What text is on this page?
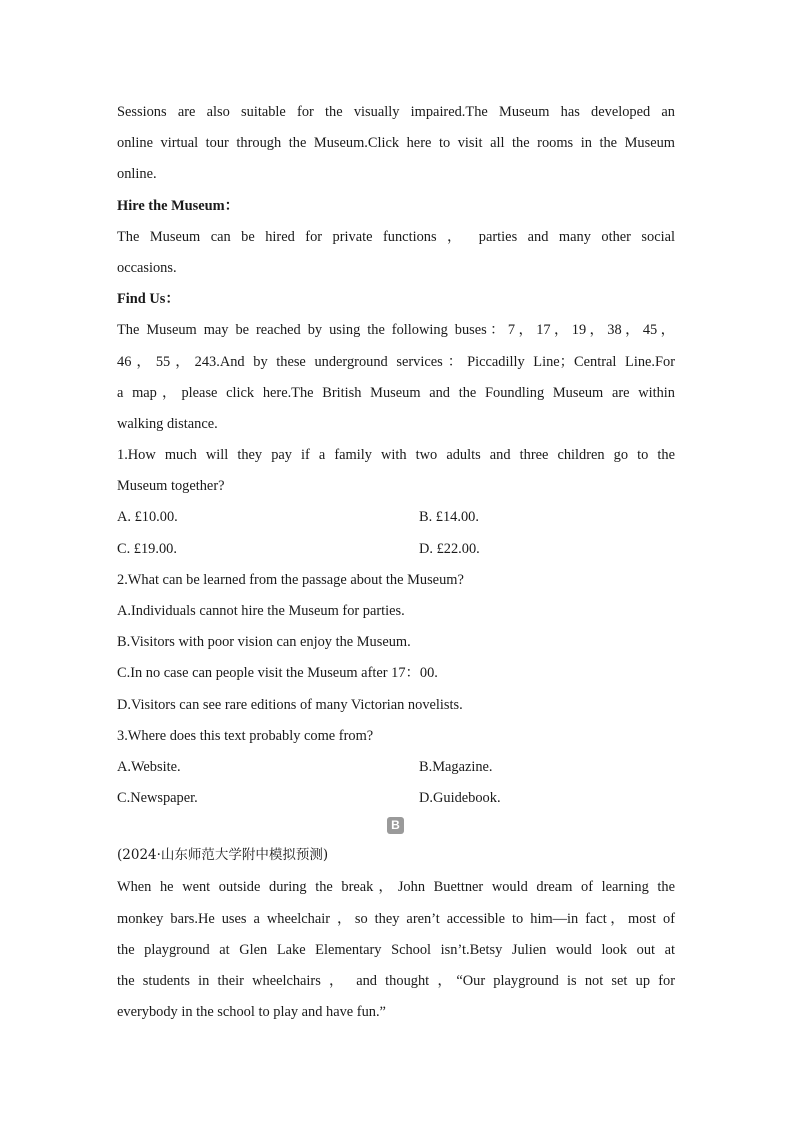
Sessions are also suitable for the visually impaired.The Museum has developed an
online virtual tour through the Museum.Click here to visit all the rooms in the Museum
online.
Hire the Museum：
The Museum can be hired for private functions ， parties and many other social
occasions.
Find Us：
The Museum may be reached by using the following buses：7，17，19，38，45，
46，55，243.And by these underground services：Piccadilly Line；Central Line.For
a map，please click here.The British Museum and the Foundling Museum are within
walking distance.
1.How much will they pay if a family with two adults and three children go to the
Museum together?
A. £10.00.	B. £14.00.
C. £19.00.	D. £22.00.
2.What can be learned from the passage about the Museum?
A.Individuals cannot hire the Museum for parties.
B.Visitors with poor vision can enjoy the Museum.
C.In no case can people visit the Museum after 17：00.
D.Visitors can see rare editions of many Victorian novelists.
3.Where does this text probably come from?
A.Website.	B.Magazine.
C.Newspaper.	D.Guidebook.
B
(2024·山东师范大学附中模拟预测)
When he went outside during the break，John Buettner would dream of learning the
monkey bars.He uses a wheelchair ，so they aren’t accessible to him—in fact，most of
the playground at Glen Lake Elementary School isn’t.Betsy Julien would look out at
the students in their wheelchairs ， and thought ，“Our playground is not set up for
everybody in the school to play and have fun.”
